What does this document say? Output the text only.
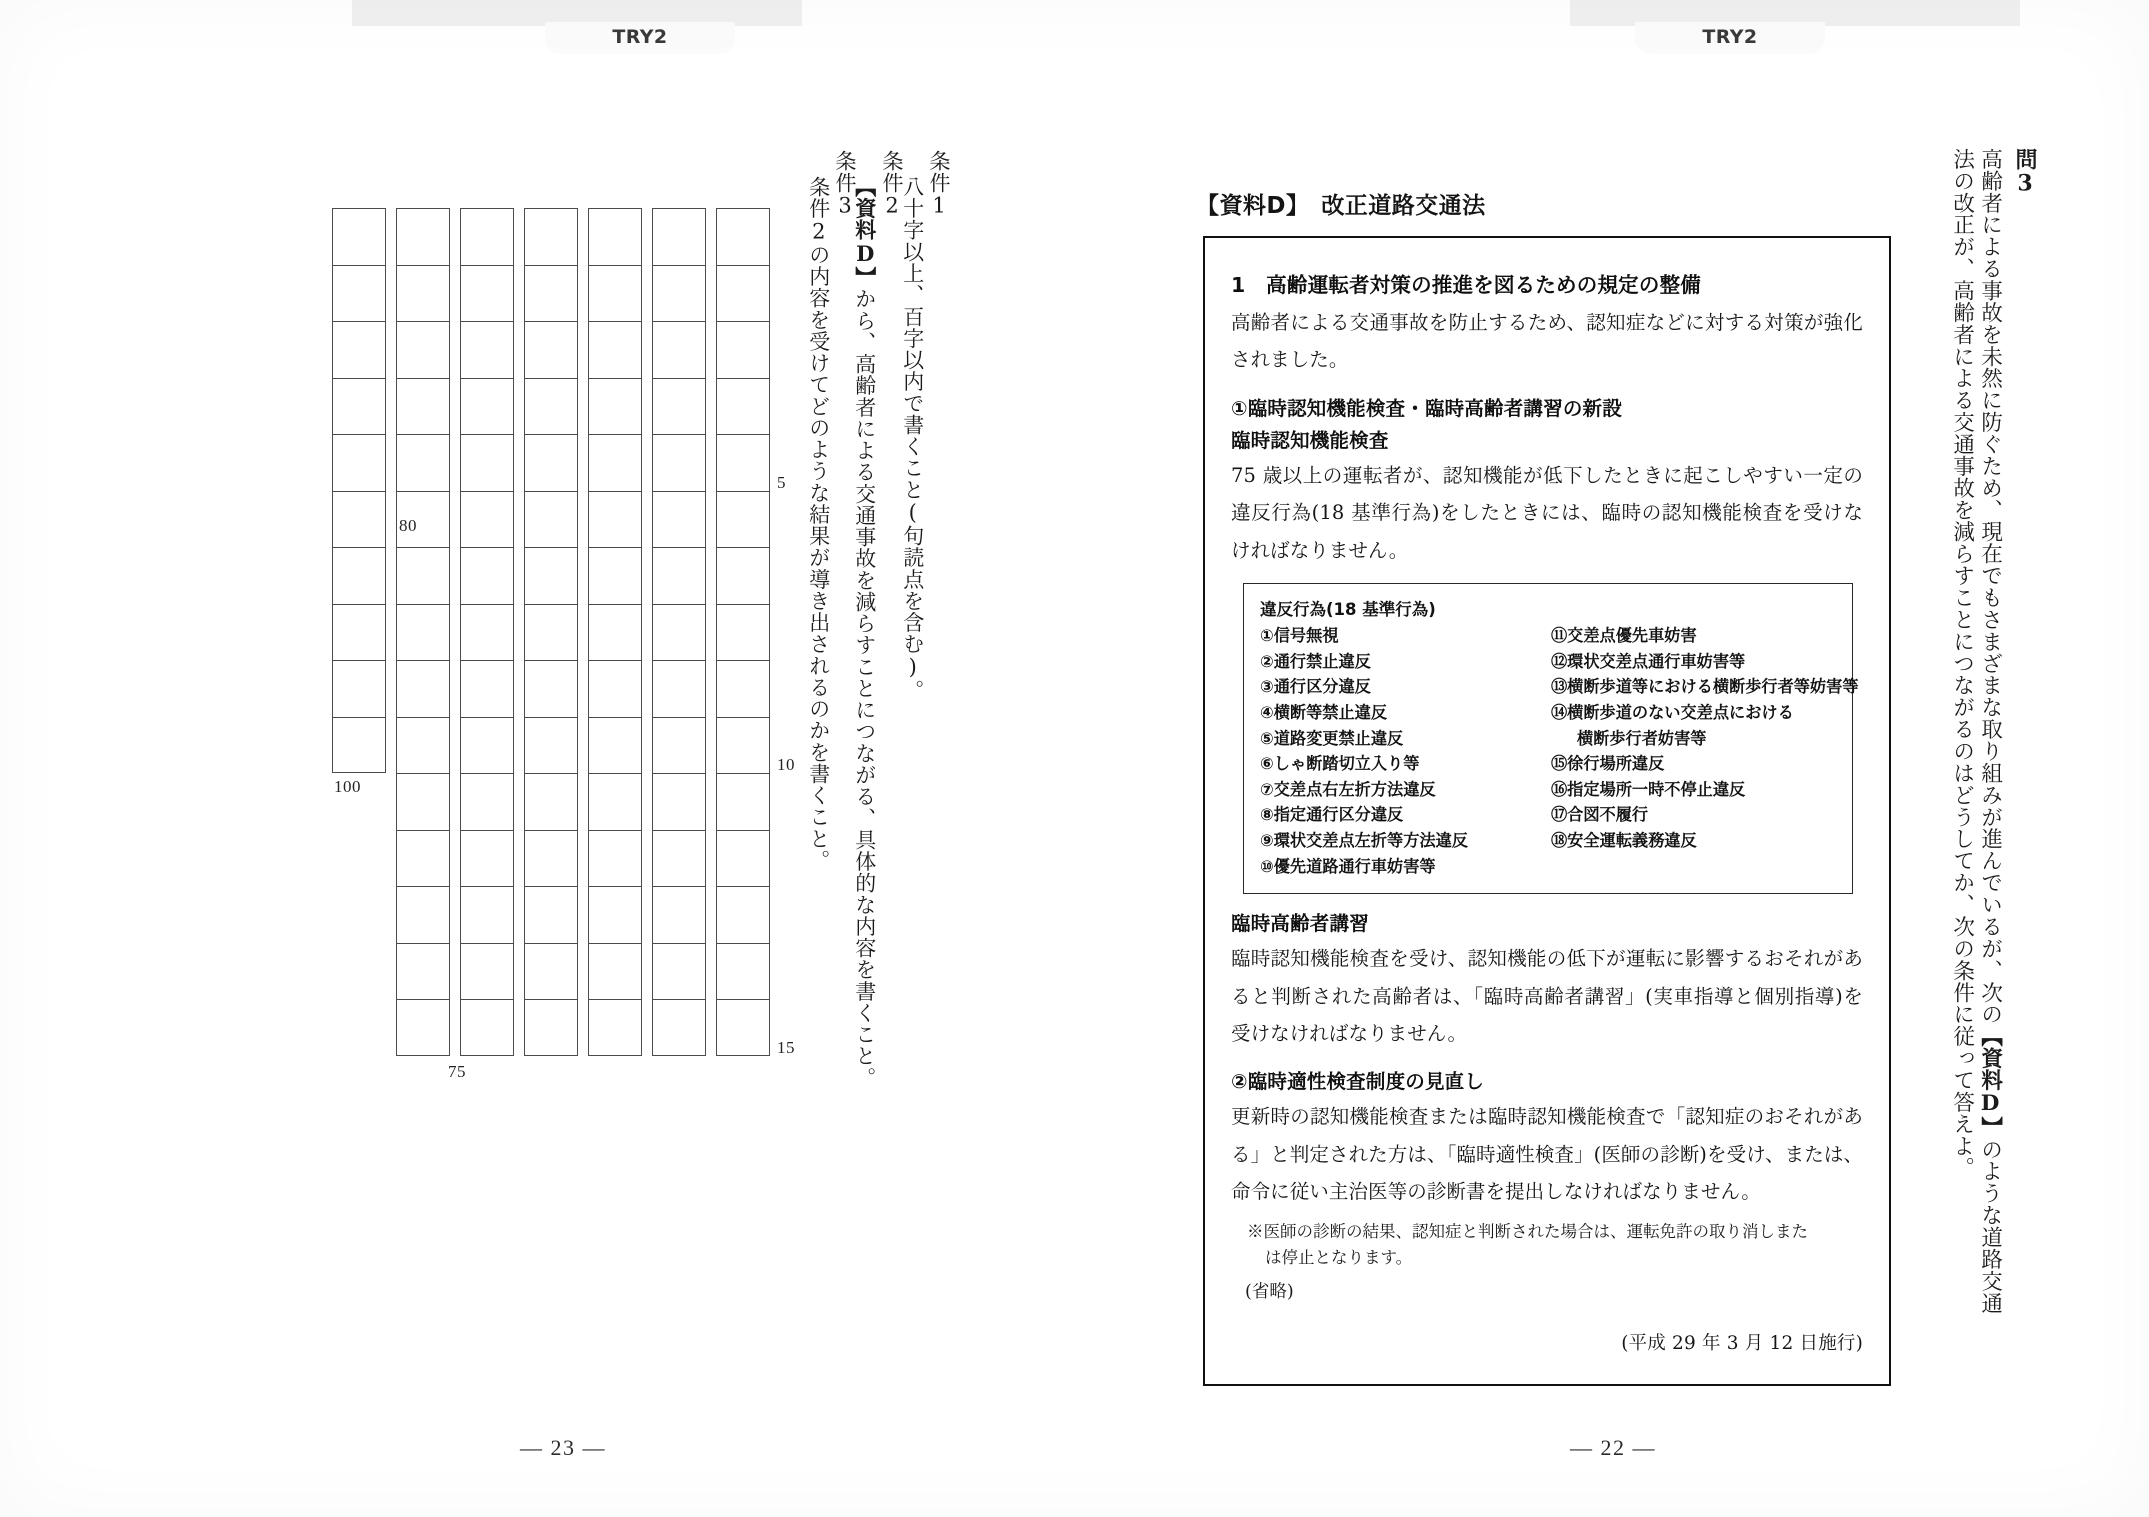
TRY2	TRY2
条件1
八十字以上、百字以内で書くこと(句読点を含む)。
条件2
【資料D】から、高齢者による交通事故を減らすことにつながる、具体的な内容を書くこと。
条件3
条件2の内容を受けてどのような結果が導き出されるのかを書くこと。
— 23 —
問3
高齢者による事故を未然に防ぐため、現在でもさまざまな取り組みが進んでいるが、次の【資料D】のような道路交通法の改正が、高齢者による交通事故を減らすことにつながるのはどうしてか、次の条件に従って答えよ。
【資料D】　改正道路交通法
1　高齢運転者対策の推進を図るための規定の整備

高齢者による交通事故を防止するため、認知症などに対する対策が強化されました。

①臨時認知機能検査・臨時高齢者講習の新設
臨時認知機能検査

75 歳以上の運転者が、認知機能が低下したときに起こしやすい一定の違反行為(18 基準行為)をしたときには、臨時の認知機能検査を受けなければなりません。

違反行為(18 基準行為)
①信号無視
②通行禁止違反
③通行区分違反
④横断等禁止違反
⑤道路変更禁止違反
⑥しゃ断踏切立入り等
⑦交差点右左折方法違反
⑧指定通行区分違反
⑨環状交差点左折等方法違反
⑩優先道路通行車妨害等
⑪交差点優先車妨害
⑫環状交差点通行車妨害等
⑬横断歩道等における横断歩行者等妨害等
⑭横断歩道のない交差点における
横断歩行者妨害等
⑮徐行場所違反
⑯指定場所一時不停止違反
⑰合図不履行
⑱安全運転義務違反
臨時高齢者講習

臨時認知機能検査を受け、認知機能の低下が運転に影響するおそれがあると判断された高齢者は、「臨時高齢者講習」(実車指導と個別指導)を受けなければなりません。

②臨時適性検査制度の見直し

更新時の認知機能検査または臨時認知機能検査で「認知症のおそれがある」と判定された方は、「臨時適性検査」(医師の診断)を受け、または、命令に従い主治医等の診断書を提出しなければなりません。

※医師の診断の結果、認知症と判断された場合は、運転免許の取り消しまた
は停止となります。
(省略)
(平成 29 年 3 月 12 日施行)
— 22 —
80
100
75
5
10
15
